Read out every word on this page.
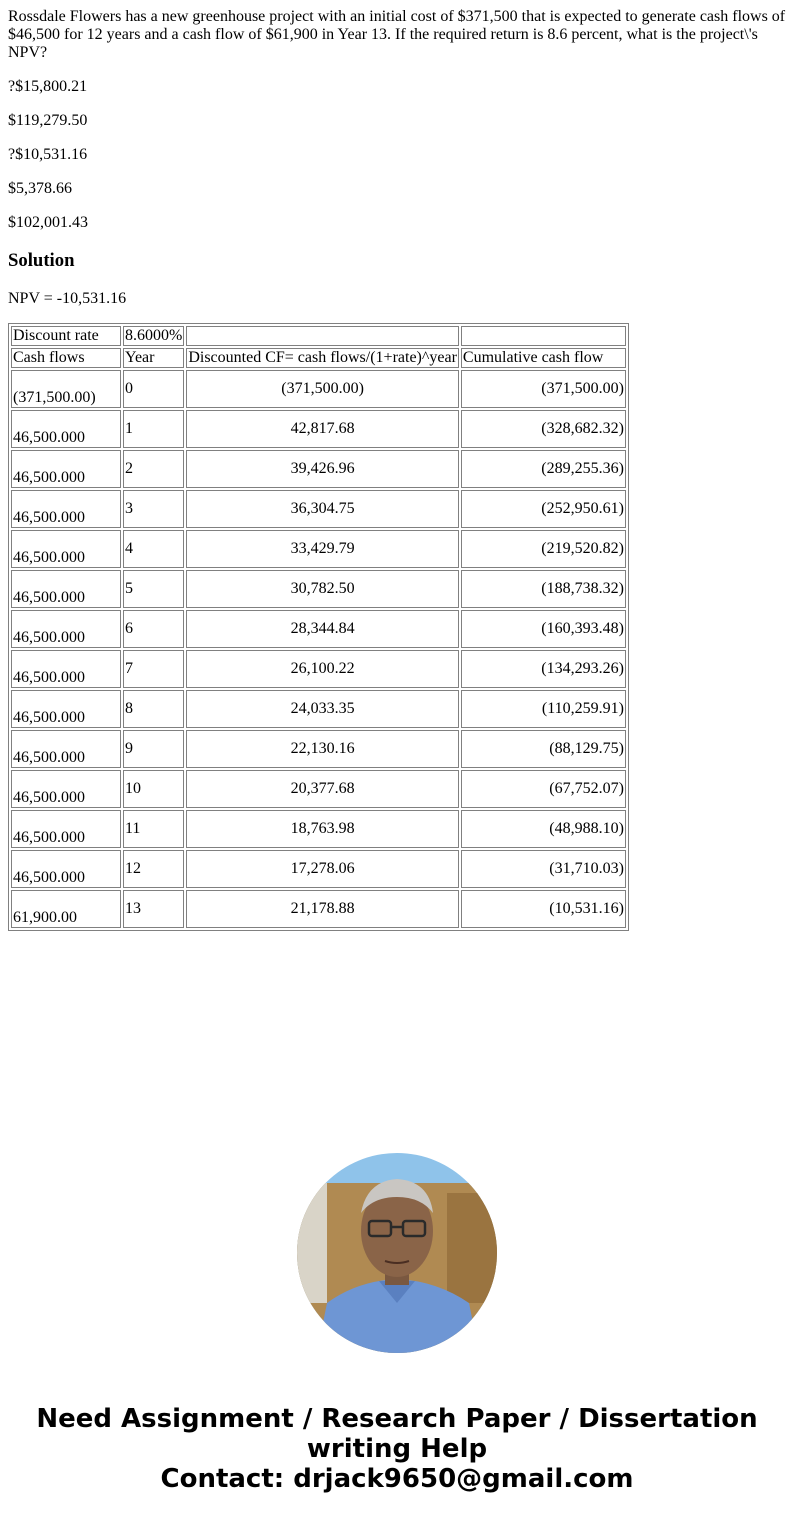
Rossdale Flowers has a new greenhouse project with an initial cost of $371,500 that is expected to generate cash flows of $46,500 for 12 years and a cash flow of $61,900 in Year 13. If the required return is 8.6 percent, what is the project\'s NPV?

?$15,800.21

$119,279.50

?$10,531.16

$5,378.66

$102,001.43

Solution

NPV = -10,531.16

Discount rate	8.6000%		
Cash flows	Year	Discounted CF= cash flows/(1+rate)^year	Cumulative cash flow
(371,500.00)	0	(371,500.00)	(371,500.00)
46,500.000	1	42,817.68	(328,682.32)
46,500.000	2	39,426.96	(289,255.36)
46,500.000	3	36,304.75	(252,950.61)
46,500.000	4	33,429.79	(219,520.82)
46,500.000	5	30,782.50	(188,738.32)
46,500.000	6	28,344.84	(160,393.48)
46,500.000	7	26,100.22	(134,293.26)
46,500.000	8	24,033.35	(110,259.91)
46,500.000	9	22,130.16	(88,129.75)
46,500.000	10	20,377.68	(67,752.07)
46,500.000	11	18,763.98	(48,988.10)
46,500.000	12	17,278.06	(31,710.03)
61,900.00	13	21,178.88	(10,531.16)
Need Assignment / Research Paper / Dissertation
writing Help
Contact: drjack9650@gmail.com
